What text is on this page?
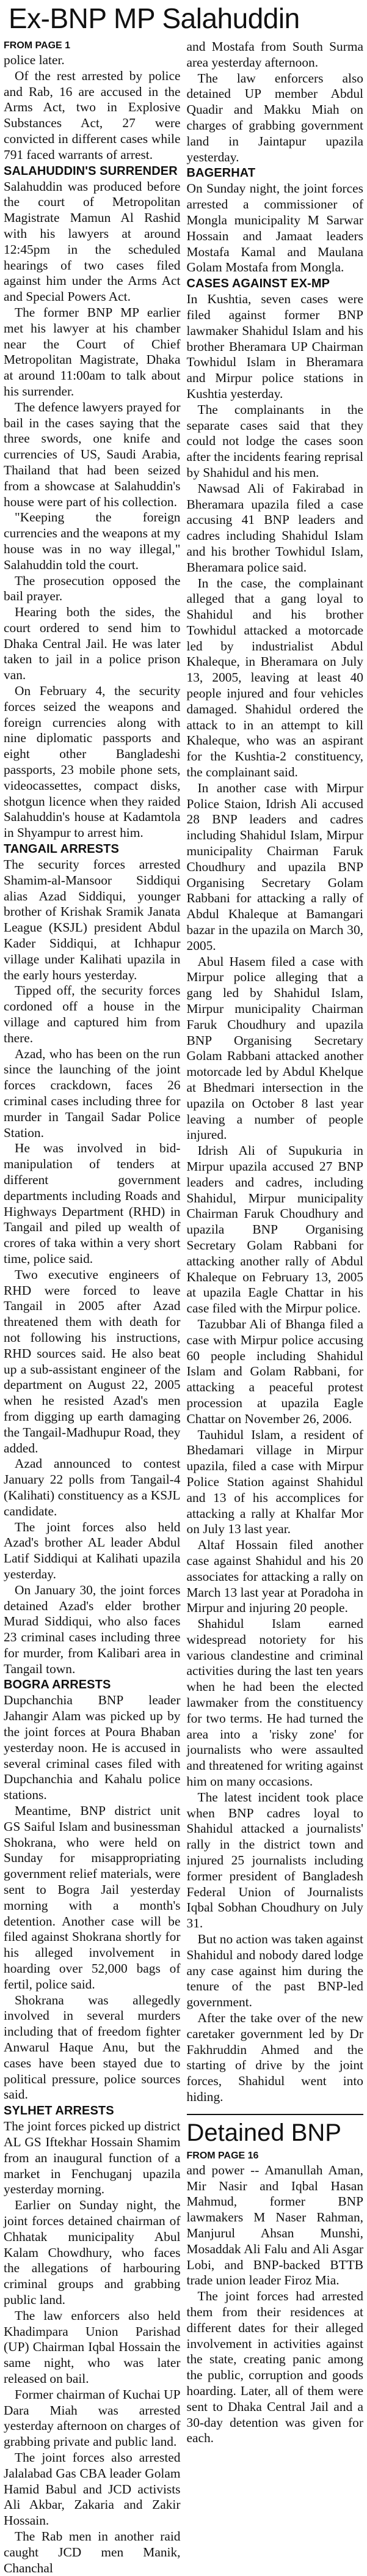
Ex-BNP MP Salahuddin
FROM PAGE 1

police later.

Of the rest arrested by police and Rab, 16 are accused in the Arms Act, two in Explosive Substances Act, 27 were convicted in different cases while 791 faced warrants of arrest.

SALAHUDDIN'S SURRENDER

Salahuddin was produced before the court of Metropolitan Magistrate Mamun Al Rashid with his lawyers at around 12:45pm in the scheduled hearings of two cases filed against him under the Arms Act and Special Powers Act.

The former BNP MP earlier met his lawyer at his chamber near the Court of Chief Metropolitan Magistrate, Dhaka at around 11:00am to talk about his surrender.

The defence lawyers prayed for bail in the cases saying that the three swords, one knife and currencies of US, Saudi Arabia, Thailand that had been seized from a showcase at Salahuddin's house were part of his collection.

"Keeping the foreign currencies and the weapons at my house was in no way illegal," Salahuddin told the court.

The prosecution opposed the bail prayer.

Hearing both the sides, the court ordered to send him to Dhaka Central Jail. He was later taken to jail in a police prison van.

On February 4, the security forces seized the weapons and foreign currencies along with nine diplomatic passports and eight other Bangladeshi passports, 23 mobile phone sets, videocassettes, compact disks, shotgun licence when they raided Salahuddin's house at Kadamtola in Shyampur to arrest him.

TANGAIL ARRESTS

The security forces arrested Shamim-al-Mansoor Siddiqui alias Azad Siddiqui, younger brother of Krishak Sramik Janata League (KSJL) president Abdul Kader Siddiqui, at Ichhapur village under Kalihati upazila in the early hours yesterday.

Tipped off, the security forces cordoned off a house in the village and captured him from there.

Azad, who has been on the run since the launching of the joint forces crackdown, faces 26 criminal cases including three for murder in Tangail Sadar Police Station.

He was involved in bid-manipulation of tenders at different government departments including Roads and Highways Department (RHD) in Tangail and piled up wealth of crores of taka within a very short time, police said.

Two executive engineers of RHD were forced to leave Tangail in 2005 after Azad threatened them with death for not following his instructions, RHD sources said. He also beat up a sub-assistant engineer of the department on August 22, 2005 when he resisted Azad's men from digging up earth damaging the Tangail-Madhupur Road, they added.

Azad announced to contest January 22 polls from Tangail-4 (Kalihati) constituency as a KSJL candidate.

The joint forces also held Azad's brother AL leader Abdul Latif Siddiqui at Kalihati upazila yesterday.

On January 30, the joint forces detained Azad's elder brother Murad Siddiqui, who also faces 23 criminal cases including three for murder, from Kalibari area in Tangail town.

BOGRA ARRESTS

Dupchanchia BNP leader Jahangir Alam was picked up by the joint forces at Poura Bhaban yesterday noon. He is accused in several criminal cases filed with Dupchanchia and Kahalu police stations.

Meantime, BNP district unit GS Saiful Islam and businessman Shokrana, who were held on Sunday for misappropriating government relief materials, were sent to Bogra Jail yesterday morning with a month's detention. Another case will be filed against Shokrana shortly for his alleged involvement in hoarding over 52,000 bags of fertil, police said.

Shokrana was allegedly involved in several murders including that of freedom fighter Anwarul Haque Anu, but the cases have been stayed due to political pressure, police sources said.

SYLHET ARRESTS

The joint forces picked up district AL GS Iftekhar Hossain Shamim from an inaugural function of a market in Fenchuganj upazila yesterday morning.

Earlier on Sunday night, the joint forces detained chairman of Chhatak municipality Abul Kalam Chowdhury, who faces the allegations of harbouring criminal groups and grabbing public land.

The law enforcers also held Khadimpara Union Parishad (UP) Chairman Iqbal Hossain the same night, who was later released on bail.

Former chairman of Kuchai UP Dara Miah was arrested yesterday afternoon on charges of grabbing private and public land.

The joint forces also arrested Jalalabad Gas CBA leader Golam Hamid Babul and JCD activists Ali Akbar, Zakaria and Zakir Hossain.

The Rab men in another raid caught JCD men Manik, Chanchal

and Mostafa from South Surma area yesterday afternoon.

The law enforcers also detained UP member Abdul Quadir and Makku Miah on charges of grabbing government land in Jaintapur upazila yesterday.

BAGERHAT

On Sunday night, the joint forces arrested a commissioner of Mongla municipality M Sarwar Hossain and Jamaat leaders Mostafa Kamal and Maulana Golam Mostafa from Mongla.

CASES AGAINST EX-MP

In Kushtia, seven cases were filed against former BNP lawmaker Shahidul Islam and his brother Bheramara UP Chairman Towhidul Islam in Bheramara and Mirpur police stations in Kushtia yesterday.

The complainants in the separate cases said that they could not lodge the cases soon after the incidents fearing reprisal by Shahidul and his men.

Nawsad Ali of Fakirabad in Bheramara upazila filed a case accusing 41 BNP leaders and cadres including Shahidul Islam and his brother Towhidul Islam, Bheramara police said.

In the case, the complainant alleged that a gang loyal to Shahidul and his brother Towhidul attacked a motorcade led by industrialist Abdul Khaleque, in Bheramara on July 13, 2005, leaving at least 40 people injured and four vehicles damaged. Shahidul ordered the attack to in an attempt to kill Khaleque, who was an aspirant for the Kushtia-2 constituency, the complainant said.

In another case with Mirpur Police Staion, Idrish Ali accused 28 BNP leaders and cadres including Shahidul Islam, Mirpur municipality Chairman Faruk Choudhury and upazila BNP Organising Secretary Golam Rabbani for attacking a rally of Abdul Khaleque at Bamangari bazar in the upazila on March 30, 2005.

Abul Hasem filed a case with Mirpur police alleging that a gang led by Shahidul Islam, Mirpur municipality Chairman Faruk Choudhury and upazila BNP Organising Secretary Golam Rabbani attacked another motorcade led by Abdul Khelque at Bhedmari intersection in the upazila on October 8 last year leaving a number of people injured.

Idrish Ali of Supukuria in Mirpur upazila accused 27 BNP leaders and cadres, including Shahidul, Mirpur municipality Chairman Faruk Choudhury and upazila BNP Organising Secretary Golam Rabbani for attacking another rally of Abdul Khaleque on February 13, 2005 at upazila Eagle Chattar in his case filed with the Mirpur police.

Tazubbar Ali of Bhanga filed a case with Mirpur police accusing 60 people including Shahidul Islam and Golam Rabbani, for attacking a peaceful protest procession at upazila Eagle Chattar on November 26, 2006.

Tauhidul Islam, a resident of Bhedamari village in Mirpur upazila, filed a case with Mirpur Police Station against Shahidul and 13 of his accomplices for attacking a rally at Khalfar Mor on July 13 last year.

Altaf Hossain filed another case against Shahidul and his 20 associates for attacking a rally on March 13 last year at Poradoha in Mirpur and injuring 20 people.

Shahidul Islam earned widespread notoriety for his various clandestine and criminal activities during the last ten years when he had been the elected lawmaker from the constituency for two terms. He had turned the area into a 'risky zone' for journalists who were assaulted and threatened for writing against him on many occasions.

The latest incident took place when BNP cadres loyal to Shahidul attacked a journalists' rally in the district town and injured 25 journalists including former president of Bangladesh Federal Union of Journalists Iqbal Sobhan Choudhury on July 31.

But no action was taken against Shahidul and nobody dared lodge any case against him during the tenure of the past BNP-led government.

After the take over of the new caretaker government led by Dr Fakhruddin Ahmed and the starting of drive by the joint forces, Shahidul went into hiding.

Detained BNP
FROM PAGE 16

and power -- Amanullah Aman, Mir Nasir and Iqbal Hasan Mahmud, former BNP lawmakers M Naser Rahman, Manjurul Ahsan Munshi, Mosaddak Ali Falu and Ali Asgar Lobi, and BNP-backed BTTB trade union leader Firoz Mia.

The joint forces had arrested them from their residences at different dates for their alleged involvement in activities against the state, creating panic among the public, corruption and goods hoarding. Later, all of them were sent to Dhaka Central Jail and a 30-day detention was given for each.
